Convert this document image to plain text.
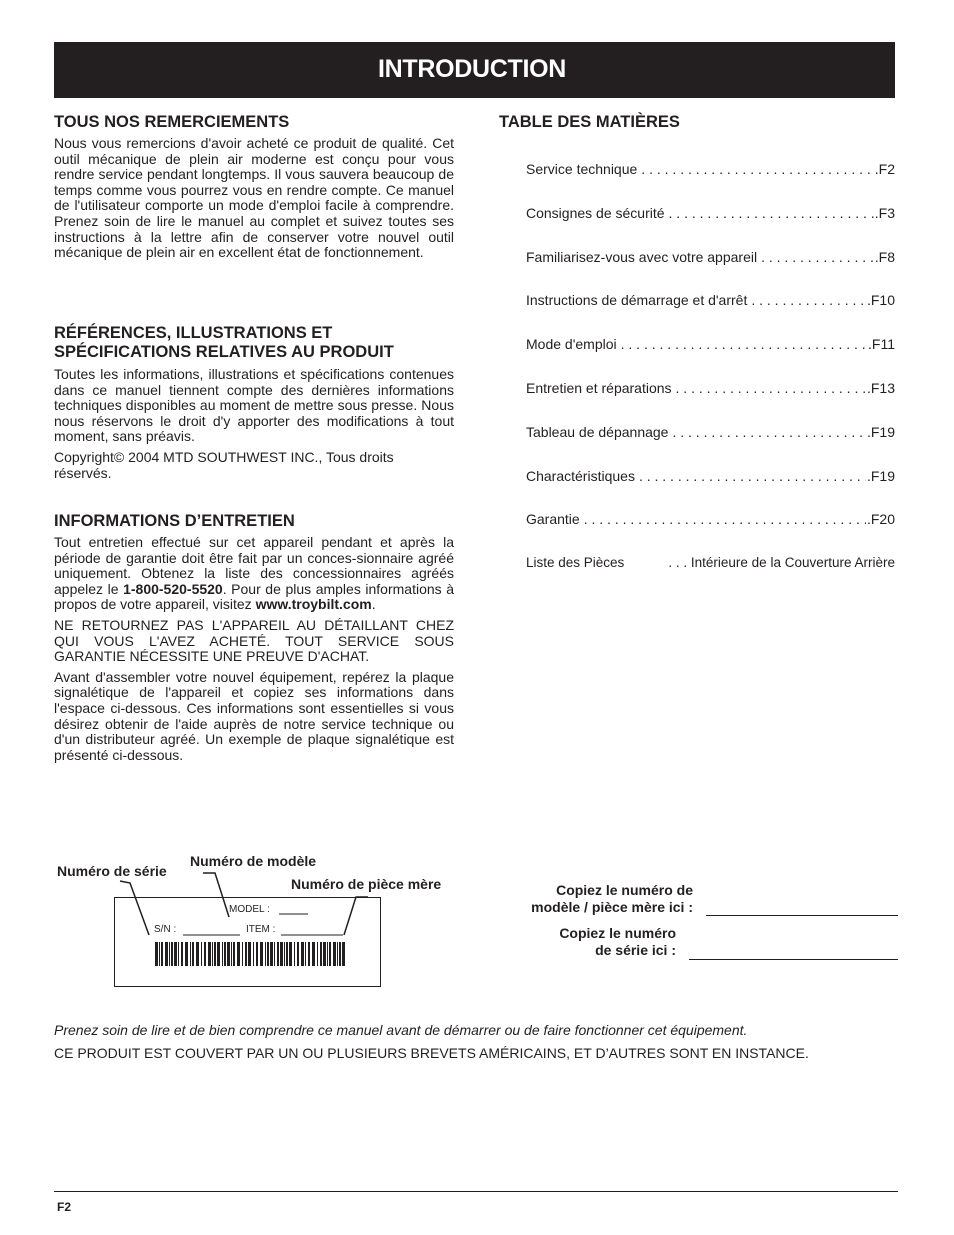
INTRODUCTION
TOUS NOS REMERCIEMENTS

Nous vous remercions d'avoir acheté ce produit de qualité. Cet outil mécanique de plein air moderne est conçu pour vous rendre service pendant longtemps. Il vous sauvera beaucoup de temps comme vous pourrez vous en rendre compte. Ce manuel de l'utilisateur comporte un mode d'emploi facile à comprendre. Prenez soin de lire le manuel au complet et suivez toutes ses instructions à la lettre afin de conserver votre nouvel outil mécanique de plein air en excellent état de fonctionnement.

RÉFÉRENCES, ILLUSTRATIONS ET SPÉCIFICATIONS RELATIVES AU PRODUIT

Toutes les informations, illustrations et spécifications contenues dans ce manuel tiennent compte des dernières informations techniques disponibles au moment de mettre sous presse. Nous nous réservons le droit d'y apporter des modifications à tout moment, sans préavis.

Copyright© 2004 MTD SOUTHWEST INC., Tous droits réservés.

INFORMATIONS D’ENTRETIEN

Tout entretien effectué sur cet appareil pendant et après la période de garantie doit être fait par un conces-sionnaire agréé uniquement. Obtenez la liste des concessionnaires agréés appelez le 1-800-520-5520. Pour de plus amples informations à propos de votre appareil, visitez www.troybilt.com.

NE RETOURNEZ PAS L'APPAREIL AU DÉTAILLANT CHEZ QUI VOUS L'AVEZ ACHETÉ. TOUT SERVICE SOUS GARANTIE NÉCESSITE UNE PREUVE D'ACHAT.

Avant d'assembler votre nouvel équipement, repérez la plaque signalétique de l'appareil et copiez ses informations dans l'espace ci-dessous. Ces informations sont essentielles si vous désirez obtenir de l'aide auprès de notre service technique ou d'un distributeur agréé. Un exemple de plaque signalétique est présenté ci-dessous.

TABLE DES MATIÈRES
Service technique . . .	.F2
Consignes de sécurité . . .	.F3
Familiarisez-vous avec votre appareil . . .	.F8
Instructions de démarrage et d'arrêt . . .	.F10
Mode d'emploi . . .	.F11
Entretien et réparations . . .	.F13
Tableau de dépannage . . .	.F19
Charactéristiques . . .	.F19
Garantie . . .	.F20
Liste des Pièces	. . . Intérieure de la Couverture Arrière
Numéro de série
Numéro de modèle
Numéro de pièce mère
MODEL :
S/N :	ITEM :
Copiez le numéro de
modèle / pièce mère ici :
Copiez le numéro
de série ici :
Prenez soin de lire et de bien comprendre ce manuel avant de démarrer ou de faire fonctionner cet équipement.
CE PRODUIT EST COUVERT PAR UN OU PLUSIEURS BREVETS AMÉRICAINS, ET D’AUTRES SONT EN INSTANCE.
F2
